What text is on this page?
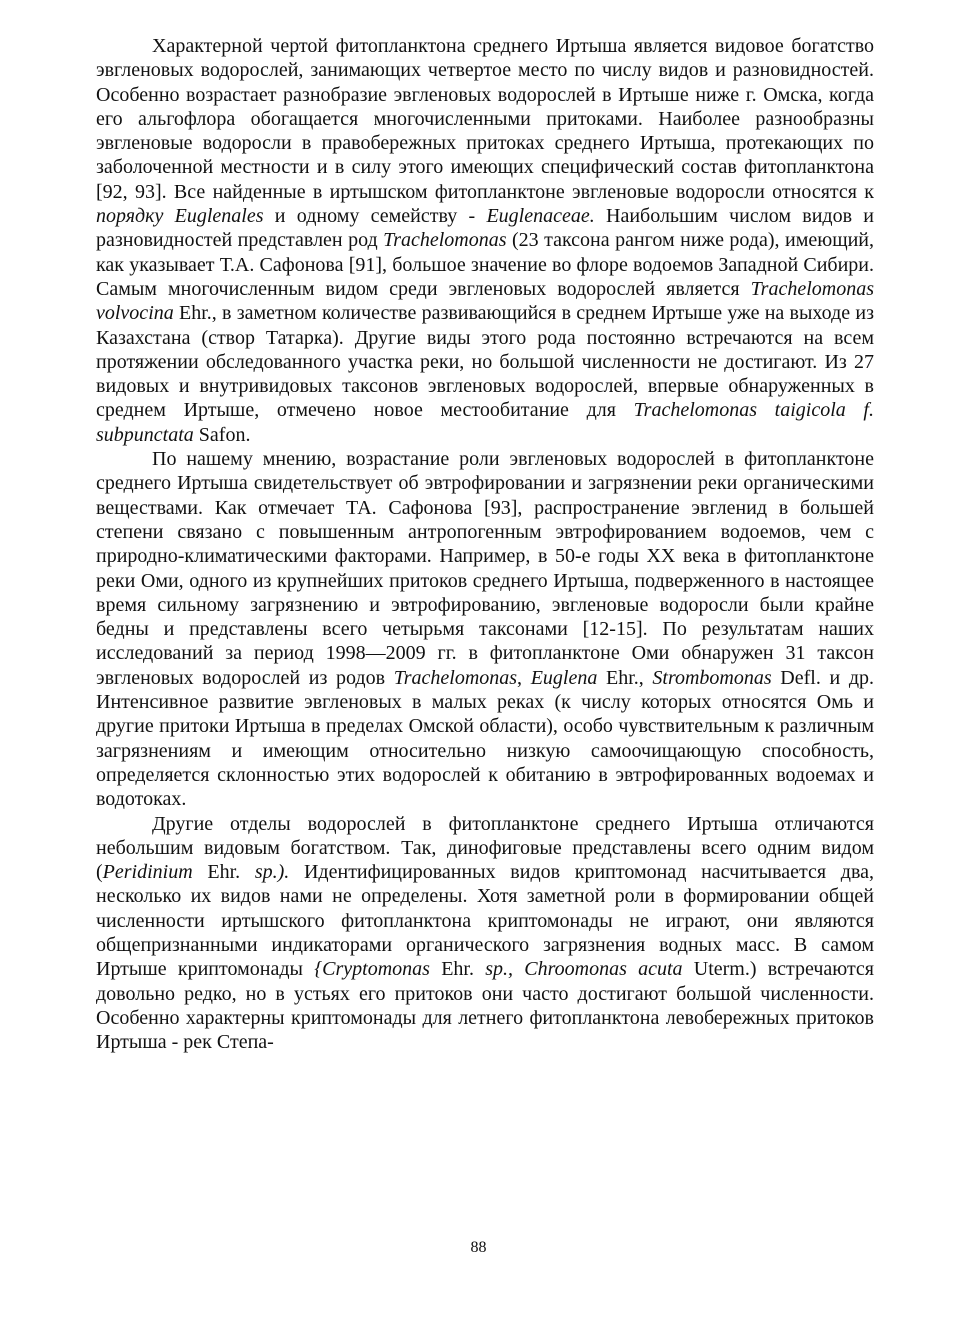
Характерной чертой фитопланктона среднего Иртыша является видовое богатство эвгленовых водорослей, занимающих четвертое место по числу видов и разновидностей. Особенно возрастает разнобразие эвгленовых водорослей в Иртыше ниже г. Омска, когда его альгофлора обогащается многочисленными притоками. Наиболее разнообразны эвгленовые водоросли в правобережных притоках среднего Иртыша, протекающих по заболоченной местности и в силу этого имеющих специфический состав фитопланктона [92, 93]. Все найденные в иртышском фитопланктоне эвгленовые водоросли относятся к порядку Euglenales и одному семейству - Euglenaceae. Наибольшим числом видов и разновидностей представлен род Trachelomonas (23 таксона рангом ниже рода), имеющий, как указывает Т.А. Сафонова [91], большое значение во флоре водоемов Западной Сибири. Самым многочисленным видом среди эвгленовых водорослей является Trachelomonas volvocina Ehr., в заметном количестве развивающийся в среднем Иртыше уже на выходе из Казахстана (створ Татарка). Другие виды этого рода постоянно встречаются на всем протяжении обследованного участка реки, но большой численности не достигают. Из 27 видовых и внутривидовых таксонов эвгленовых водорослей, впервые обнаруженных в среднем Иртыше, отмечено новое местообитание для Trachelomonas taigicola f. subpunctata Safon.

По нашему мнению, возрастание роли эвгленовых водорослей в фитопланктоне среднего Иртыша свидетельствует об эвтрофировании и загрязнении реки органическими веществами. Как отмечает ТА. Сафонова [93], распространение эвгленид в большей степени связано с повышенным антропогенным эвтрофированием водоемов, чем с природно-климатическими факторами. Например, в 50-е годы XX века в фитопланктоне реки Оми, одного из крупнейших притоков среднего Иртыша, подверженного в настоящее время сильному загрязнению и эвтрофированию, эвгленовые водоросли были крайне бедны и представлены всего четырьмя таксонами [12-15]. По результатам наших исследований за период 1998—2009 гг. в фитопланктоне Оми обнаружен 31 таксон эвгленовых водорослей из родов Trachelomonas, Euglena Ehr., Strombomonas Defl. и др. Интенсивное развитие эвгленовых в малых реках (к числу которых относятся Омь и другие притоки Иртыша в пределах Омской области), особо чувствительным к различным загрязнениям и имеющим относительно низкую самоочищающую способность, определяется склонностью этих водорослей к обитанию в эвтрофированных водоемах и водотоках.

Другие отделы водорослей в фитопланктоне среднего Иртыша отличаются небольшим видовым богатством. Так, динофиговые представлены всего одним видом (Peridinium Ehr. sp.). Идентифицированных видов криптомонад насчитывается два, несколько их видов нами не определены. Хотя заметной роли в формировании общей численности иртышского фитопланктона криптомонады не играют, они являются общепризнанными индикаторами органического загрязнения водных масс. В самом Иртыше криптомонады {Cryptomonas Ehr. sp., Chroomonas acuta Uterm.) встречаются довольно редко, но в устьях его притоков они часто достигают большой численности. Особенно характерны криптомонады для летнего фитопланктона левобережных притоков Иртыша - рек Степа-

88
